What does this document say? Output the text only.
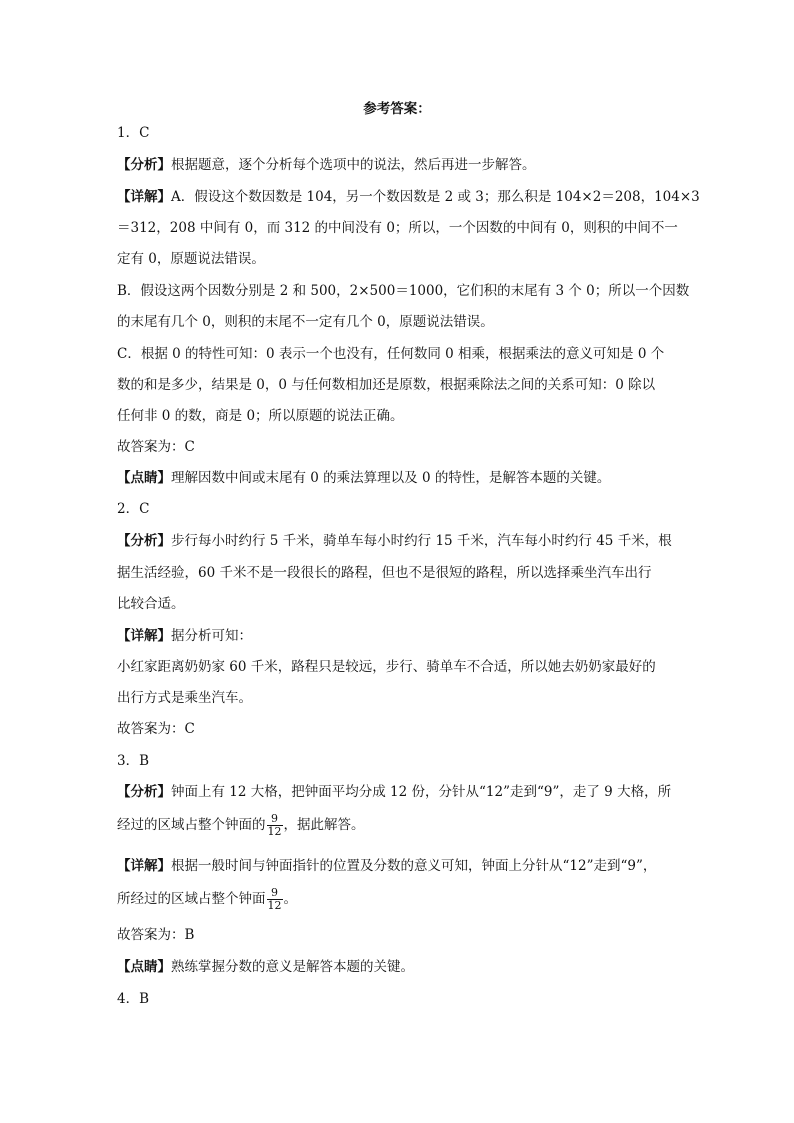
参考答案：
1．C
【分析】根据题意，逐个分析每个选项中的说法，然后再进一步解答。
【详解】A．假设这个数因数是 104，另一个数因数是 2 或 3；那么积是 104×2＝208，104×3
＝312，208 中间有 0，而 312 的中间没有 0；所以，一个因数的中间有 0，则积的中间不一
定有 0，原题说法错误。
B．假设这两个因数分别是 2 和 500，2×500＝1000，它们积的末尾有 3 个 0；所以一个因数
的末尾有几个 0，则积的末尾不一定有几个 0，原题说法错误。
C．根据 0 的特性可知：0 表示一个也没有，任何数同 0 相乘，根据乘法的意义可知是 0 个
数的和是多少，结果是 0，0 与任何数相加还是原数，根据乘除法之间的关系可知：0 除以
任何非 0 的数，商是 0；所以原题的说法正确。
故答案为：C
【点睛】理解因数中间或末尾有 0 的乘法算理以及 0 的特性，是解答本题的关键。
2．C
【分析】步行每小时约行 5 千米，骑单车每小时约行 15 千米，汽车每小时约行 45 千米，根
据生活经验，60 千米不是一段很长的路程，但也不是很短的路程，所以选择乘坐汽车出行
比较合适。
【详解】据分析可知：
小红家距离奶奶家 60 千米，路程只是较远，步行、骑单车不合适，所以她去奶奶家最好的
出行方式是乘坐汽车。
故答案为：C
3．B
【分析】钟面上有 12 大格，把钟面平均分成 12 份，分针从“12”走到“9”，走了 9 大格，所
经过的区域占整个钟面的 $\frac{9}{12}$ ，据此解答。
【详解】根据一般时间与钟面指针的位置及分数的意义可知，钟面上分针从“12”走到“9”，
所经过的区域占整个钟面 $\frac{9}{12}$ 。
故答案为：B
【点睛】熟练掌握分数的意义是解答本题的关键。
4．B
